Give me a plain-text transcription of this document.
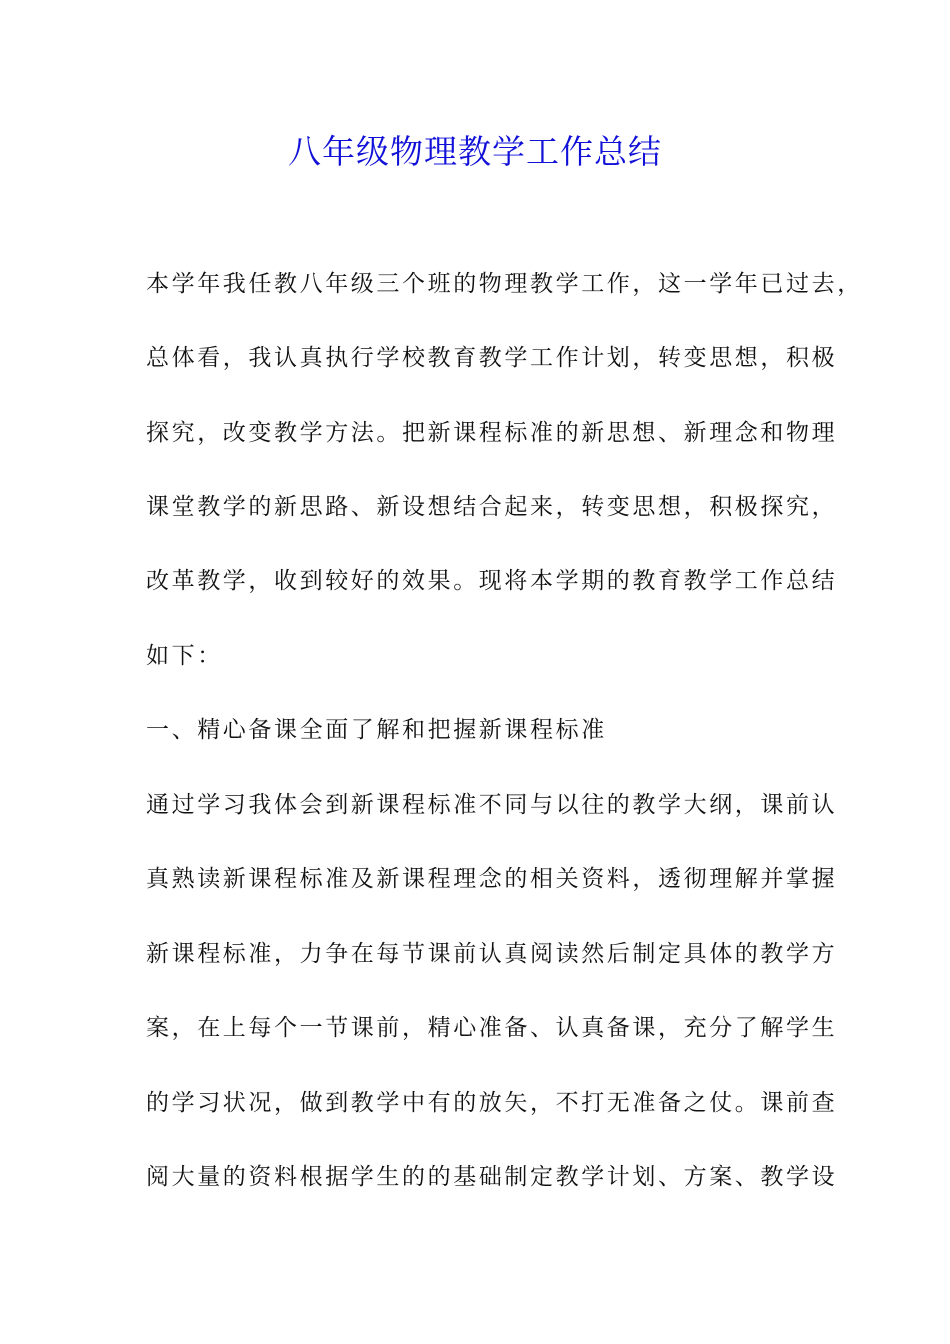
八年级物理教学工作总结
本学年我任教八年级三个班的物理教学工作，这一学年已过去，
总体看，我认真执行学校教育教学工作计划，转变思想，积极
探究，改变教学方法。把新课程标准的新思想、新理念和物理
课堂教学的新思路、新设想结合起来，转变思想，积极探究，
改革教学，收到较好的效果。现将本学期的教育教学工作总结
如下：
一、精心备课全面了解和把握新课程标准
通过学习我体会到新课程标准不同与以往的教学大纲，课前认
真熟读新课程标准及新课程理念的相关资料，透彻理解并掌握
新课程标准，力争在每节课前认真阅读然后制定具体的教学方
案，在上每个一节课前，精心准备、认真备课，充分了解学生
的学习状况，做到教学中有的放矢，不打无准备之仗。课前查
阅大量的资料根据学生的的基础制定教学计划、方案、教学设
